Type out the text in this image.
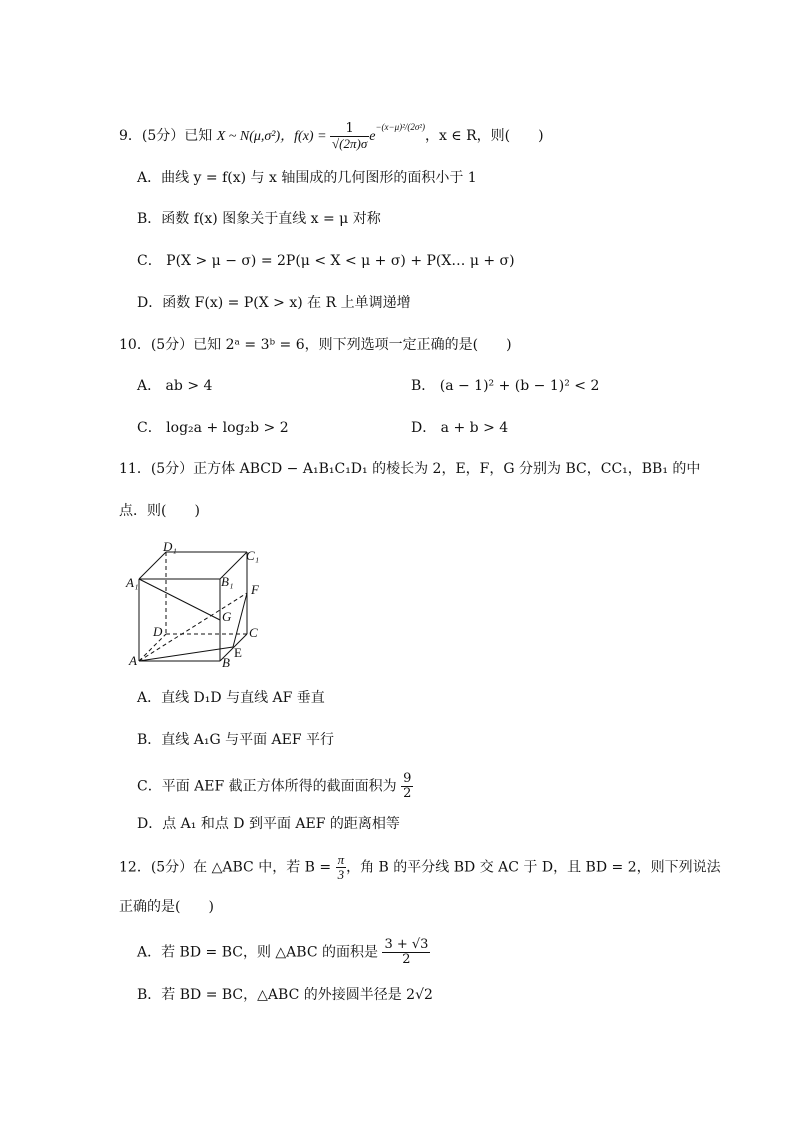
9．(5分）已知 X ~ N(μ,σ²)，$f(x) = \frac{1}{√(2\pi)\sigma} e^{-(x-\mu)^2/(2\sigma^2)}$，x ∈ R，则(　　)
A．曲线 y = f(x) 与 x 轴围成的几何图形的面积小于 1
B．函数 f(x) 图象关于直线 x = μ 对称
C． P(X > μ − σ) = 2P(μ < X < μ + σ) + P(X… μ + σ)
D．函数 F(x) = P(X > x) 在 R 上单调递增
10．(5分）已知 2ᵃ = 3ᵇ = 6，则下列选项一定正确的是(　　)
A． ab > 4	B． (a − 1)² + (b − 1)² < 2
C． log₂a + log₂b > 2	D． a + b > 4
11．(5分）正方体 ABCD − A₁B₁C₁D₁ 的棱长为 2，E，F，G 分别为 BC，CC₁，BB₁ 的中
点．则(　　)
D₁
C₁
A₁	B₁
F
G
D	C
A	B
E
A．直线 D₁D 与直线 AF 垂直
B．直线 A₁G 与平面 AEF 平行
C．平面 AEF 截正方体所得的截面面积为 $\frac{9}{2}$
D．点 A₁ 和点 D 到平面 AEF 的距离相等
12．(5分）在 △ABC 中，若 $B = \frac{\pi}{3}$ ，角 B 的平分线 BD 交 AC 于 D，且 BD = 2，则下列说法
正确的是(　　)
A．若 BD = BC，则 △ABC 的面积是 $\frac{3 + √3}{2}$
B．若 BD = BC，△ABC 的外接圆半径是 2√2
